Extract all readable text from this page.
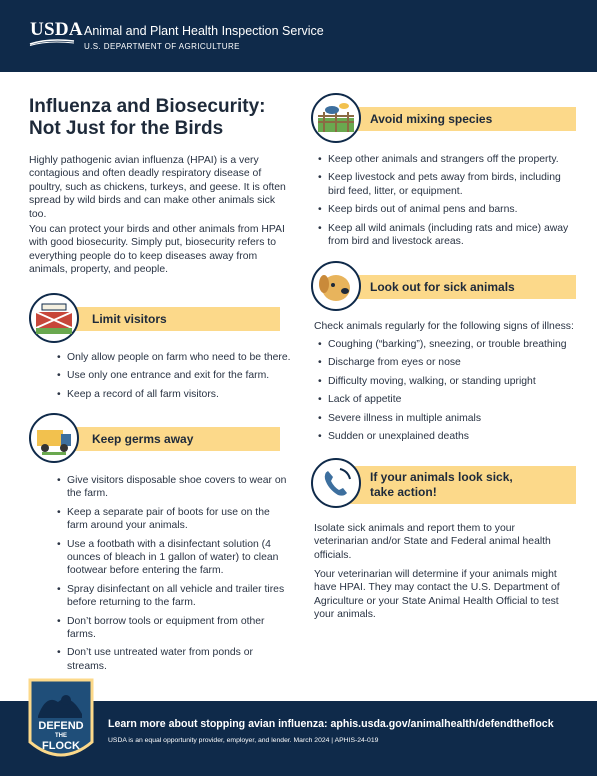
USDA Animal and Plant Health Inspection Service
U.S. DEPARTMENT OF AGRICULTURE
Influenza and Biosecurity:
Not Just for the Birds

Highly pathogenic avian influenza (HPAI) is a very contagious and often deadly respiratory disease of poultry, such as chickens, turkeys, and geese. It is often spread by wild birds and can make other animals sick too.

You can protect your birds and other animals from HPAI with good biosecurity. Simply put, biosecurity refers to everything people do to keep diseases away from animals, property, and people.

Limit visitors
• Only allow people on farm who need to be there.
• Use only one entrance and exit for the farm.
• Keep a record of all farm visitors.
Keep germs away
• Give visitors disposable shoe covers to wear on the farm.
• Keep a separate pair of boots for use on the farm around your animals.
• Use a footbath with a disinfectant solution (4 ounces of bleach in 1 gallon of water) to clean footwear before entering the farm.
• Spray disinfectant on all vehicle and trailer tires before returning to the farm.
• Don’t borrow tools or equipment from other farms.
• Don’t use untreated water from ponds or streams.
Avoid mixing species
• Keep other animals and strangers off the property.
• Keep livestock and pets away from birds, including bird feed, litter, or equipment.
• Keep birds out of animal pens and barns.
• Keep all wild animals (including rats and mice) away from bird and livestock areas.
Look out for sick animals

Check animals regularly for the following signs of illness:

• Coughing (“barking”), sneezing, or trouble breathing
• Discharge from eyes or nose
• Difficulty moving, walking, or standing upright
• Lack of appetite
• Severe illness in multiple animals
• Sudden or unexplained deaths
If your animals look sick,
take action!

Isolate sick animals and report them to your veterinarian and/or State and Federal animal health officials.

Your veterinarian will determine if your animals might have HPAI. They may contact the U.S. Department of Agriculture or your State Animal Health Official to test your animals.

DEFEND
THE
FLOCK
Learn more about stopping avian influenza: aphis.usda.gov/animalhealth/defendtheflock
USDA is an equal opportunity provider, employer, and lender. March 2024 | APHIS-24-019
